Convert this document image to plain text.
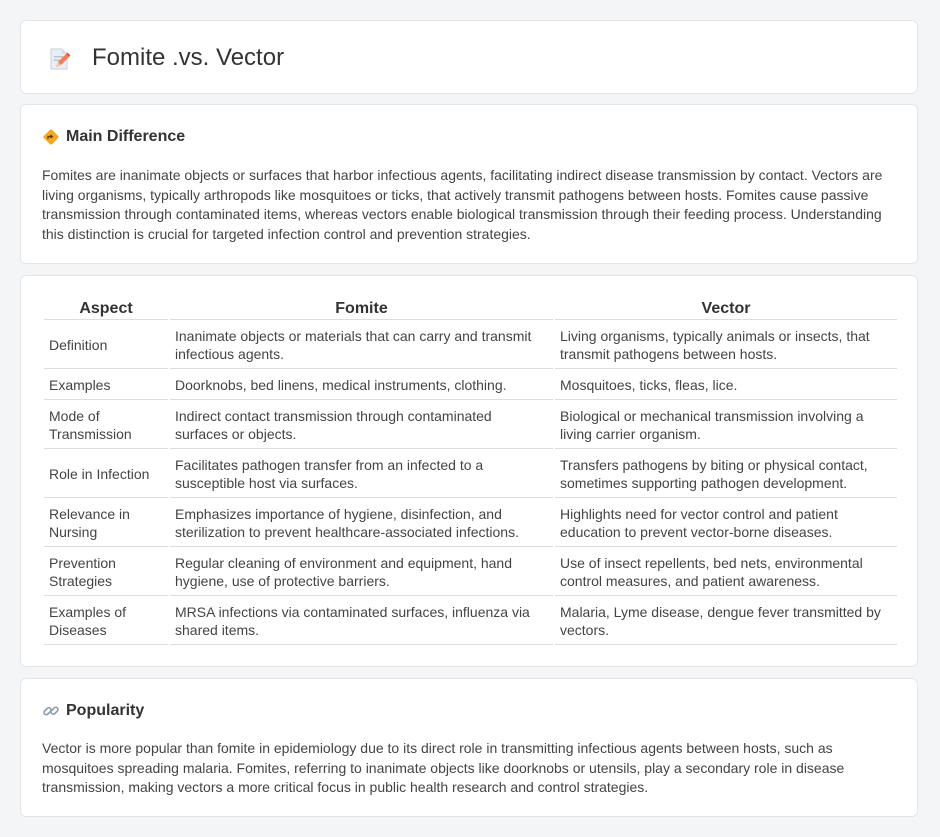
Fomite .vs. Vector
Main Difference

Fomites are inanimate objects or surfaces that harbor infectious agents, facilitating indirect disease transmission by contact. Vectors are living organisms, typically arthropods like mosquitoes or ticks, that actively transmit pathogens between hosts. Fomites cause passive transmission through contaminated items, whereas vectors enable biological transmission through their feeding process. Understanding this distinction is crucial for targeted infection control and prevention strategies.

Aspect	Fomite	Vector
Definition	Inanimate objects or materials that can carry and transmit infectious agents.	Living organisms, typically animals or insects, that transmit pathogens between hosts.
Examples	Doorknobs, bed linens, medical instruments, clothing.	Mosquitoes, ticks, fleas, lice.
Mode of Transmission	Indirect contact transmission through contaminated surfaces or objects.	Biological or mechanical transmission involving a living carrier organism.
Role in Infection	Facilitates pathogen transfer from an infected to a susceptible host via surfaces.	Transfers pathogens by biting or physical contact, sometimes supporting pathogen development.
Relevance in Nursing	Emphasizes importance of hygiene, disinfection, and sterilization to prevent healthcare-associated infections.	Highlights need for vector control and patient education to prevent vector-borne diseases.
Prevention Strategies	Regular cleaning of environment and equipment, hand hygiene, use of protective barriers.	Use of insect repellents, bed nets, environmental control measures, and patient awareness.
Examples of Diseases	MRSA infections via contaminated surfaces, influenza via shared items.	Malaria, Lyme disease, dengue fever transmitted by vectors.
Popularity

Vector is more popular than fomite in epidemiology due to its direct role in transmitting infectious agents between hosts, such as mosquitoes spreading malaria. Fomites, referring to inanimate objects like doorknobs or utensils, play a secondary role in disease transmission, making vectors a more critical focus in public health research and control strategies.
